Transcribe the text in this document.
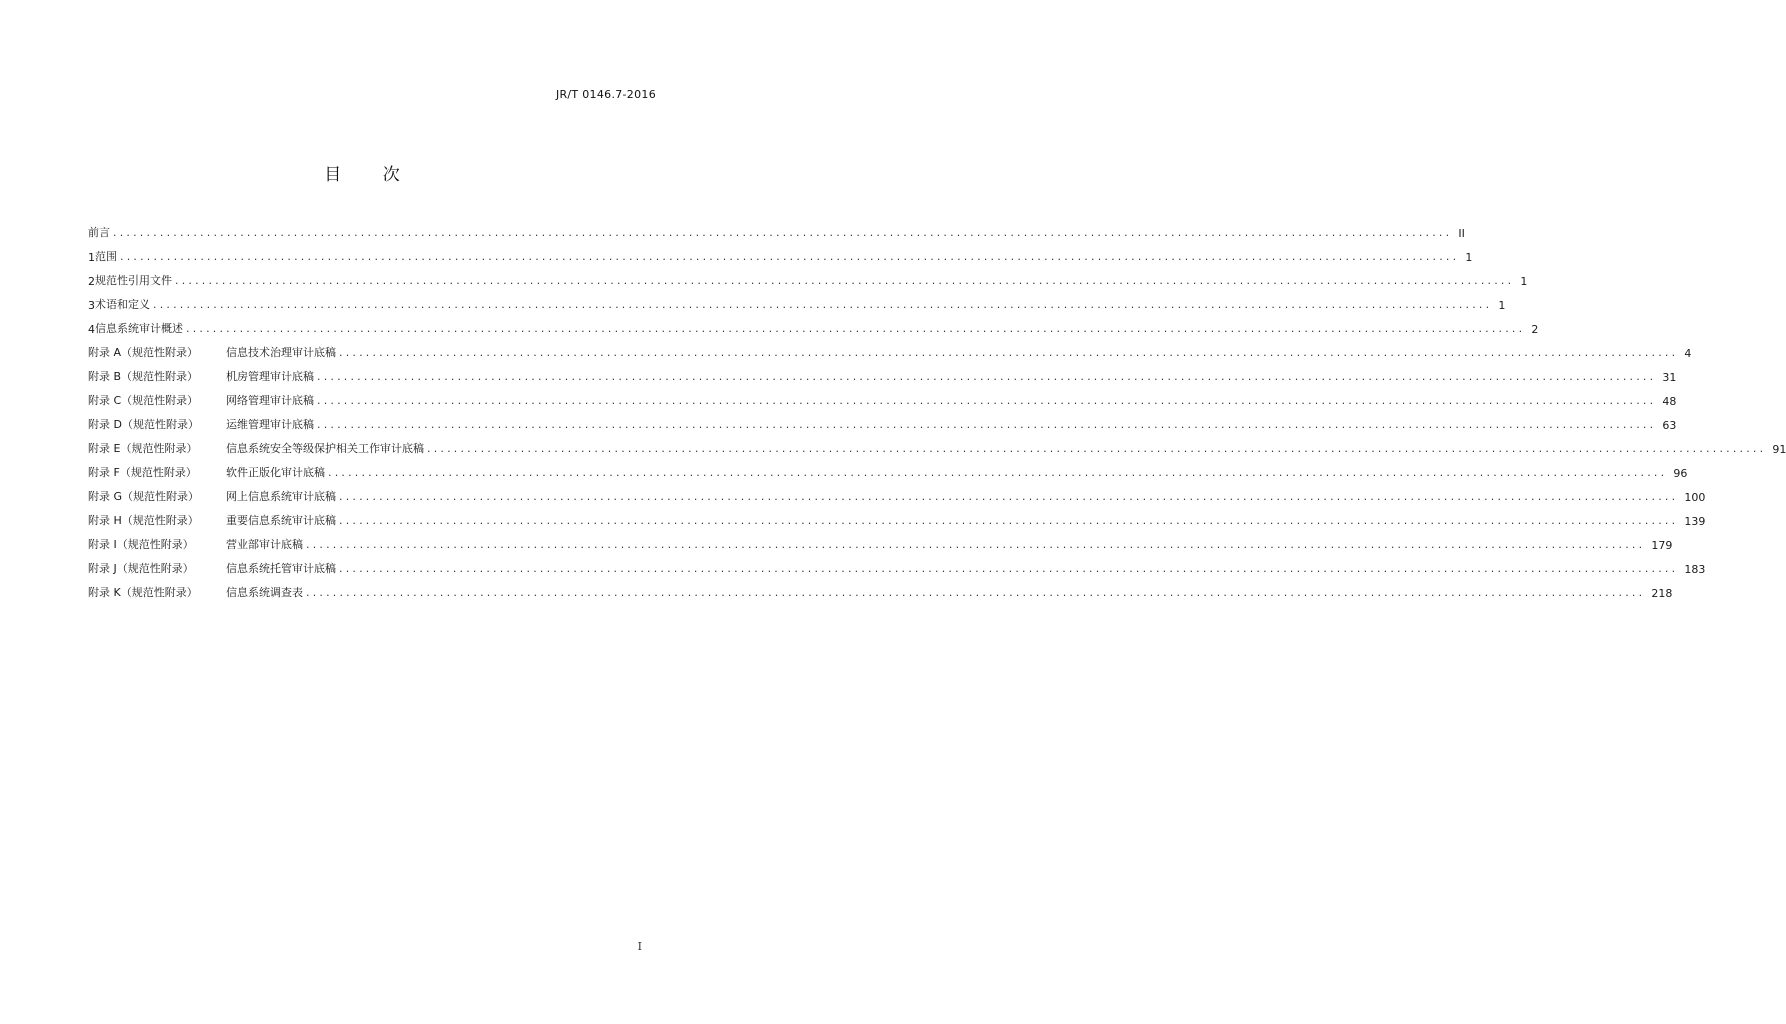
JR/T 0146.7-2016
目 次
前言 ........................................................................................................................................................................................................ II
1 范围 ........................................................................................................................................................................................................ 1
2 规范性引用文件 ........................................................................................................................................................................................................ 1
3 术语和定义 ........................................................................................................................................................................................................ 1
4 信息系统审计概述 ........................................................................................................................................................................................................ 2
附录 A（规范性附录）	信息技术治理审计底稿 ........................................................................................................................................................................................................ 4
附录 B（规范性附录）	机房管理审计底稿 ........................................................................................................................................................................................................ 31
附录 C（规范性附录）	网络管理审计底稿 ........................................................................................................................................................................................................ 48
附录 D（规范性附录）	运维管理审计底稿 ........................................................................................................................................................................................................ 63
附录 E（规范性附录）	信息系统安全等级保护相关工作审计底稿 ........................................................................................................................................................................................................ 91
附录 F（规范性附录）	软件正版化审计底稿 ........................................................................................................................................................................................................ 96
附录 G（规范性附录）	网上信息系统审计底稿 ........................................................................................................................................................................................................ 100
附录 H（规范性附录）	重要信息系统审计底稿 ........................................................................................................................................................................................................ 139
附录 I（规范性附录）	营业部审计底稿 ........................................................................................................................................................................................................ 179
附录 J（规范性附录）	信息系统托管审计底稿 ........................................................................................................................................................................................................ 183
附录 K（规范性附录）	信息系统调查表 ........................................................................................................................................................................................................ 218
I
